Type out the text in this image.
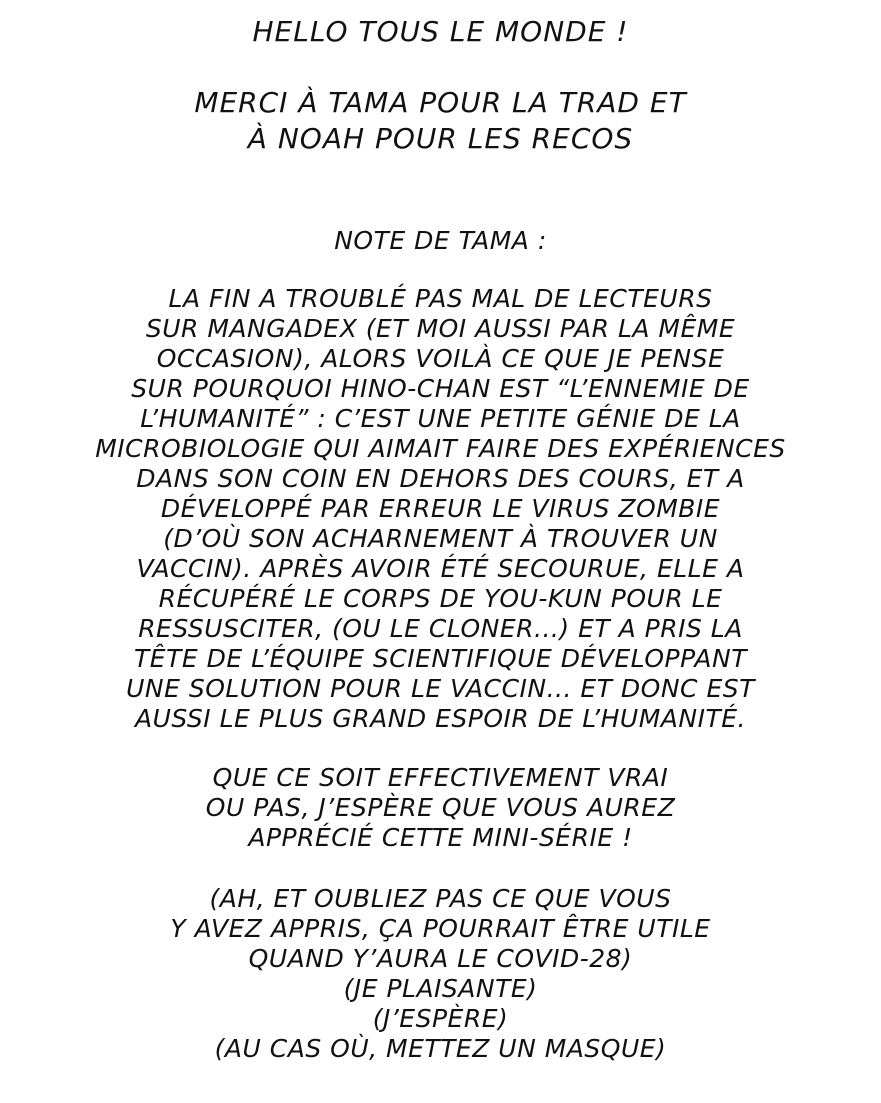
HELLO TOUS LE MONDE !
MERCI À TAMA POUR LA TRAD ET
À NOAH POUR LES RECOS
NOTE DE TAMA :
LA FIN A TROUBLÉ PAS MAL DE LECTEURS
SUR MANGADEX (ET MOI AUSSI PAR LA MÊME
OCCASION), ALORS VOILÀ CE QUE JE PENSE
SUR POURQUOI HINO-CHAN EST “L’ENNEMIE DE
L’HUMANITÉ” : C’EST UNE PETITE GÉNIE DE LA
MICROBIOLOGIE QUI AIMAIT FAIRE DES EXPÉRIENCES
DANS SON COIN EN DEHORS DES COURS, ET A
DÉVELOPPÉ PAR ERREUR LE VIRUS ZOMBIE
(D’OÙ SON ACHARNEMENT À TROUVER UN
VACCIN). APRÈS AVOIR ÉTÉ SECOURUE, ELLE A
RÉCUPÉRÉ LE CORPS DE YOU-KUN POUR LE
RESSUSCITER, (OU LE CLONER...) ET A PRIS LA
TÊTE DE L’ÉQUIPE SCIENTIFIQUE DÉVELOPPANT
UNE SOLUTION POUR LE VACCIN... ET DONC EST
AUSSI LE PLUS GRAND ESPOIR DE L’HUMANITÉ.
QUE CE SOIT EFFECTIVEMENT VRAI
OU PAS, J’ESPÈRE QUE VOUS AUREZ
APPRÉCIÉ CETTE MINI-SÉRIE !
(AH, ET OUBLIEZ PAS CE QUE VOUS
Y AVEZ APPRIS, ÇA POURRAIT ÊTRE UTILE
QUAND Y’AURA LE COVID-28)
(JE PLAISANTE)
(J’ESPÈRE)
(AU CAS OÙ, METTEZ UN MASQUE)
